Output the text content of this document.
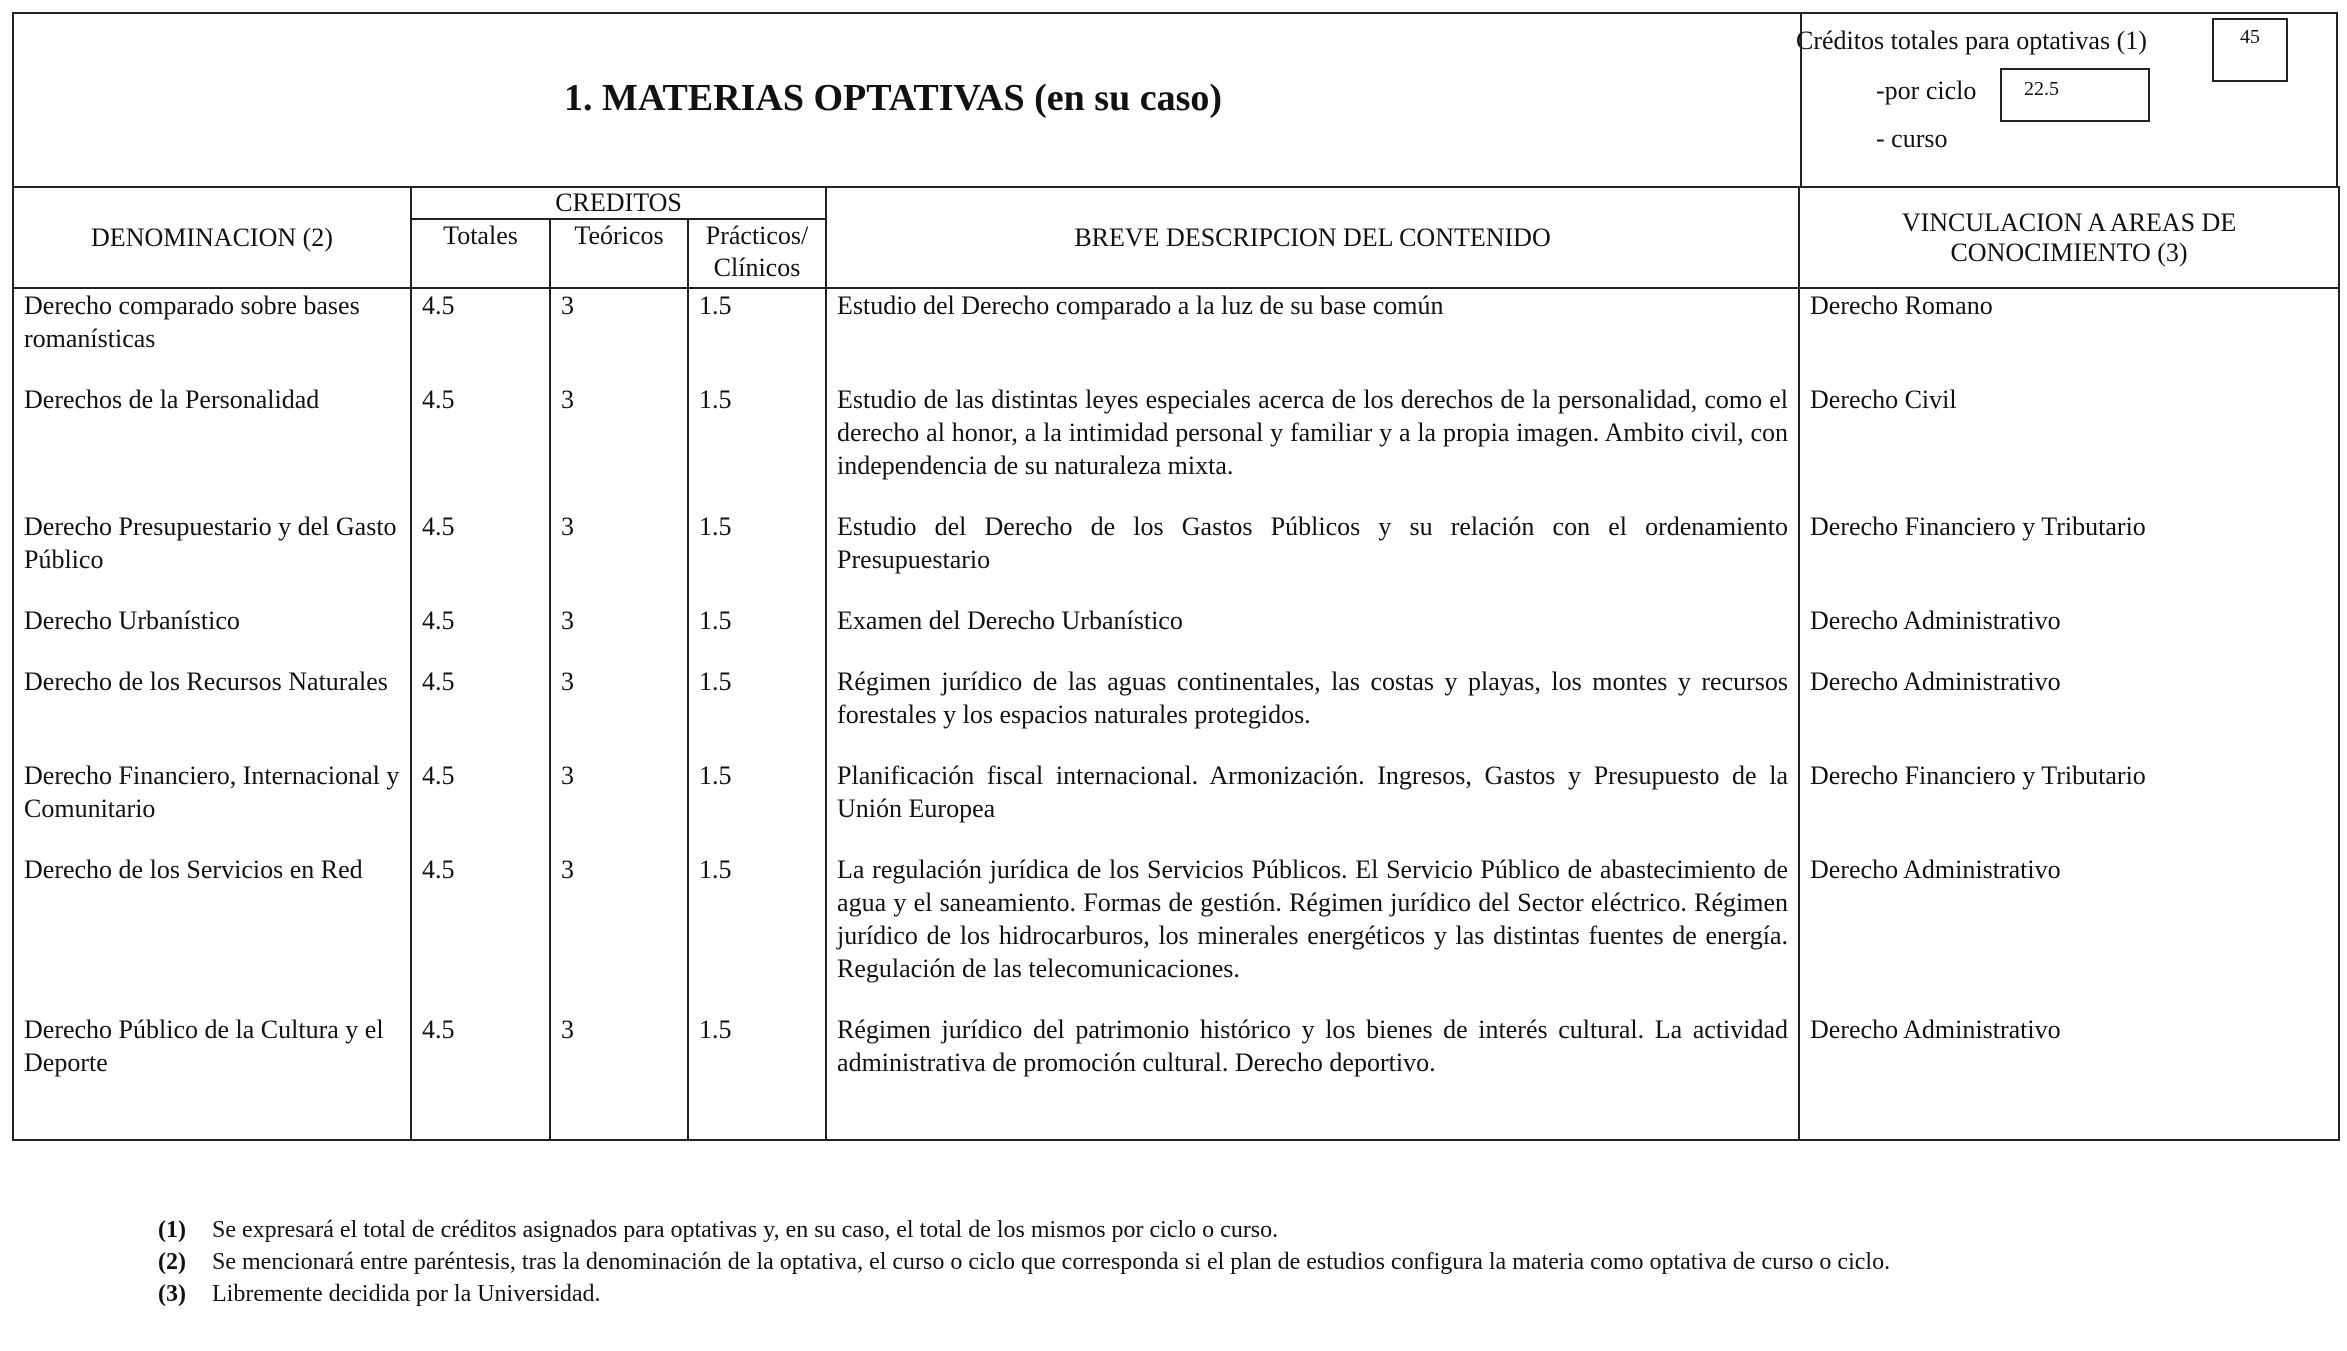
1. MATERIAS OPTATIVAS (en su caso)
Créditos totales para optativas (1)	45
-por ciclo	22.5
- curso
DENOMINACION (2)	CREDITOS			BREVE DESCRIPCION DEL CONTENIDO	VINCULACION A AREAS DE
CONOCIMIENTO (3)

	Totales	Teóricos	Prácticos/
Clínicos		

Derecho comparado sobre bases romanísticas	4.5	3	1.5	Estudio del Derecho comparado a la luz de su base común	Derecho Romano
Derechos de la Personalidad	4.5	3	1.5	Estudio de las distintas leyes especiales acerca de los derechos de la personalidad, como el derecho al honor, a la intimidad personal y familiar y a la propia imagen. Ambito civil, con independencia de su naturaleza mixta.	Derecho Civil
Derecho Presupuestario y del Gasto Público	4.5	3	1.5	Estudio del Derecho de los Gastos Públicos y su relación con el ordenamiento Presupuestario	Derecho Financiero y Tributario
Derecho Urbanístico	4.5	3	1.5	Examen del Derecho Urbanístico	Derecho Administrativo
Derecho de los Recursos Naturales	4.5	3	1.5	Régimen jurídico de las aguas continentales, las costas y playas, los montes y recursos forestales y los espacios naturales protegidos.	Derecho Administrativo
Derecho Financiero, Internacional y Comunitario	4.5	3	1.5	Planificación fiscal internacional. Armonización. Ingresos, Gastos y Presupuesto de la Unión Europea	Derecho Financiero y Tributario
Derecho de los Servicios en Red	4.5	3	1.5	La regulación jurídica de los Servicios Públicos. El Servicio Público de abastecimiento de agua y el saneamiento. Formas de gestión. Régimen jurídico del Sector eléctrico. Régimen jurídico de los hidrocarburos, los minerales energéticos y las distintas fuentes de energía. Regulación de las telecomunicaciones.	Derecho Administrativo
Derecho Público de la Cultura y el Deporte	4.5	3	1.5	Régimen jurídico del patrimonio histórico y los bienes de interés cultural. La actividad administrativa de promoción cultural. Derecho deportivo.	Derecho Administrativo
(1)	Se expresará el total de créditos asignados para optativas y, en su caso, el total de los mismos por ciclo o curso.
(2)	Se mencionará entre paréntesis, tras la denominación de la optativa, el curso o ciclo que corresponda si el plan de estudios configura la materia como optativa de curso o ciclo.
(3)	Libremente decidida por la Universidad.
